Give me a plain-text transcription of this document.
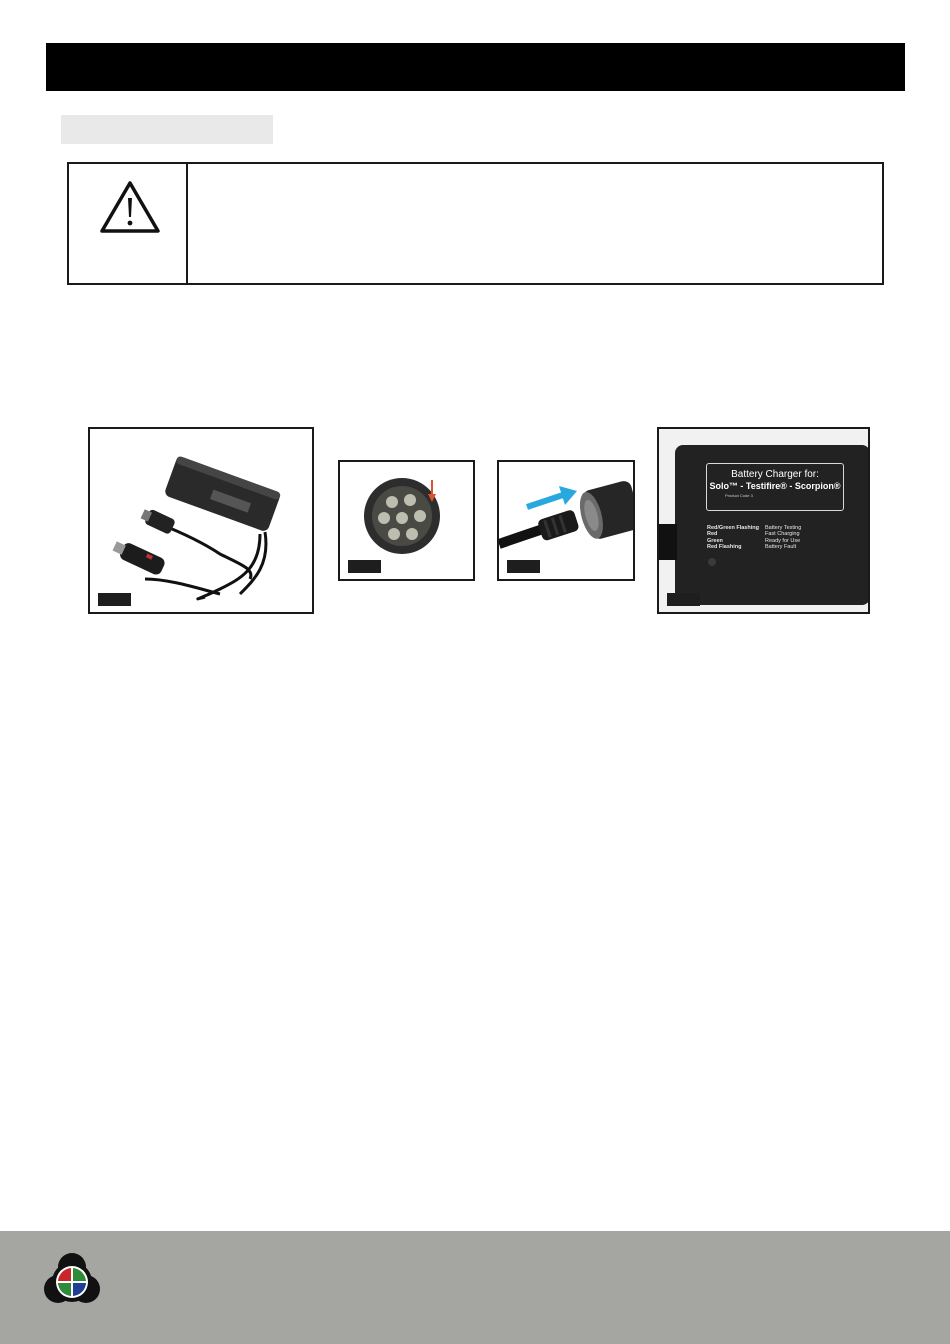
Battery Charger for:
Solo™ - Testifire® - Scorpion®
Product Code 3
Red/Green Flashing	Battery Testing
Red	Fast Charging
Green	Ready for Use
Red Flashing	Battery Fault
